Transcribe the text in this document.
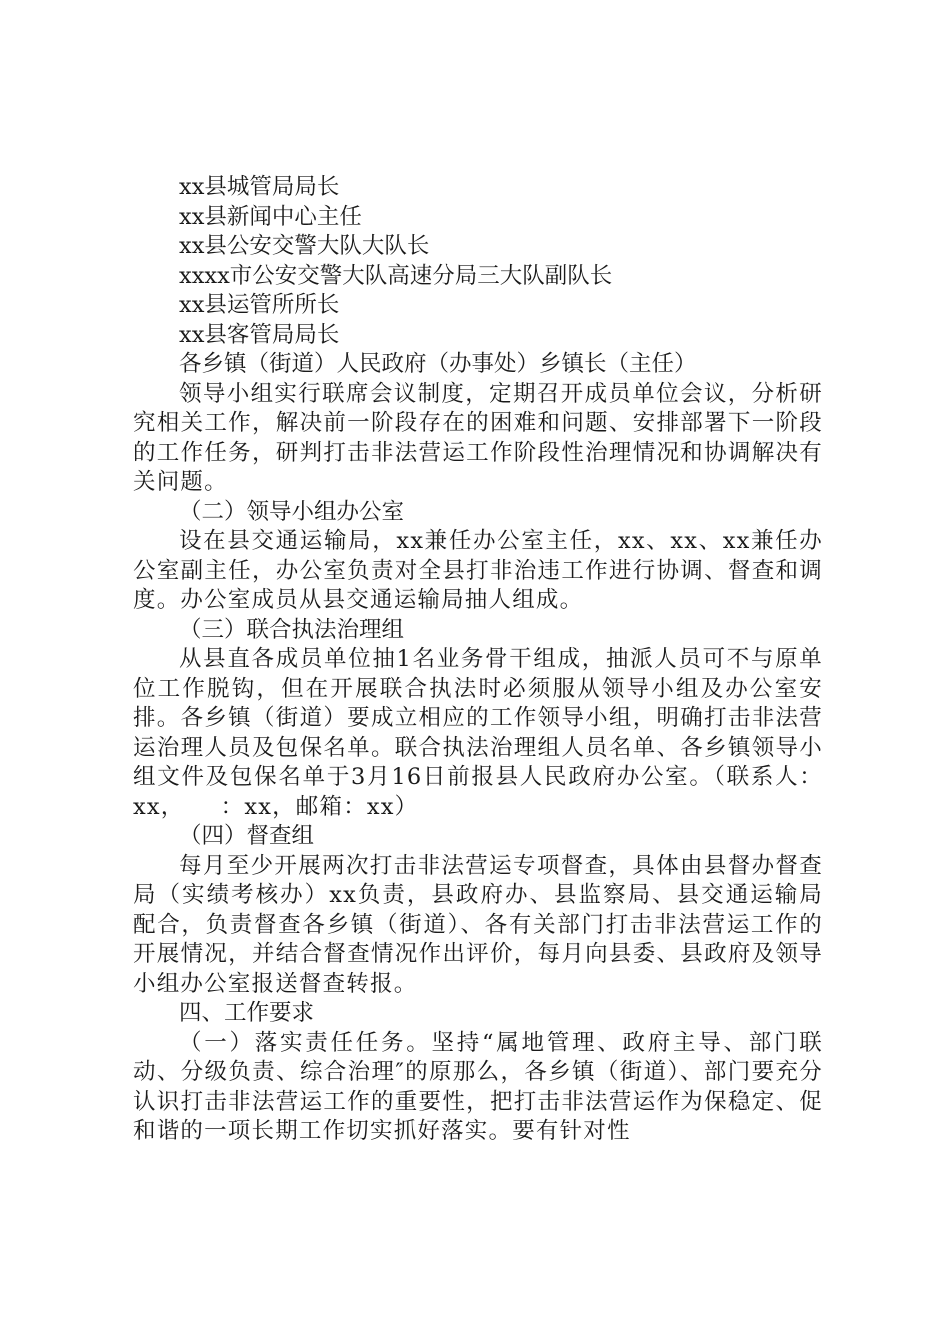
xx县城管局局长
xx县新闻中心主任
xx县公安交警大队大队长
xxxx市公安交警大队高速分局三大队副队长
xx县运管所所长
xx县客管局局长
各乡镇（街道）人民政府（办事处）乡镇长（主任）
领导小组实行联席会议制度，定期召开成员单位会议，分析研究相关工作，解决前一阶段存在的困难和问题、安排部署下一阶段的工作任务，研判打击非法营运工作阶段性治理情况和协调解决有关问题。
（二）领导小组办公室
设在县交通运输局，xx兼任办公室主任，xx、xx、xx兼任办公室副主任，办公室负责对全县打非治违工作进行协调、督查和调度。办公室成员从县交通运输局抽人组成。
（三）联合执法治理组
从县直各成员单位抽1名业务骨干组成，抽派人员可不与原单位工作脱钩，但在开展联合执法时必须服从领导小组及办公室安排。各乡镇（街道）要成立相应的工作领导小组，明确打击非法营运治理人员及包保名单。联合执法治理组人员名单、各乡镇领导小组文件及包保名单于3月16日前报县人民政府办公室。（联系人：xx，　　：xx，邮箱：xx）
（四）督查组
每月至少开展两次打击非法营运专项督查，具体由县督办督查局（实绩考核办）xx负责，县政府办、县监察局、县交通运输局配合，负责督查各乡镇（街道）、各有关部门打击非法营运工作的开展情况，并结合督查情况作出评价，每月向县委、县政府及领导小组办公室报送督查转报。
四、工作要求
（一）落实责任任务。坚持“属地管理、政府主导、部门联动、分级负责、综合治理″的原那么，各乡镇（街道）、部门要充分认识打击非法营运工作的重要性，把打击非法营运作为保稳定、促和谐的一项长期工作切实抓好落实。要有针对性
